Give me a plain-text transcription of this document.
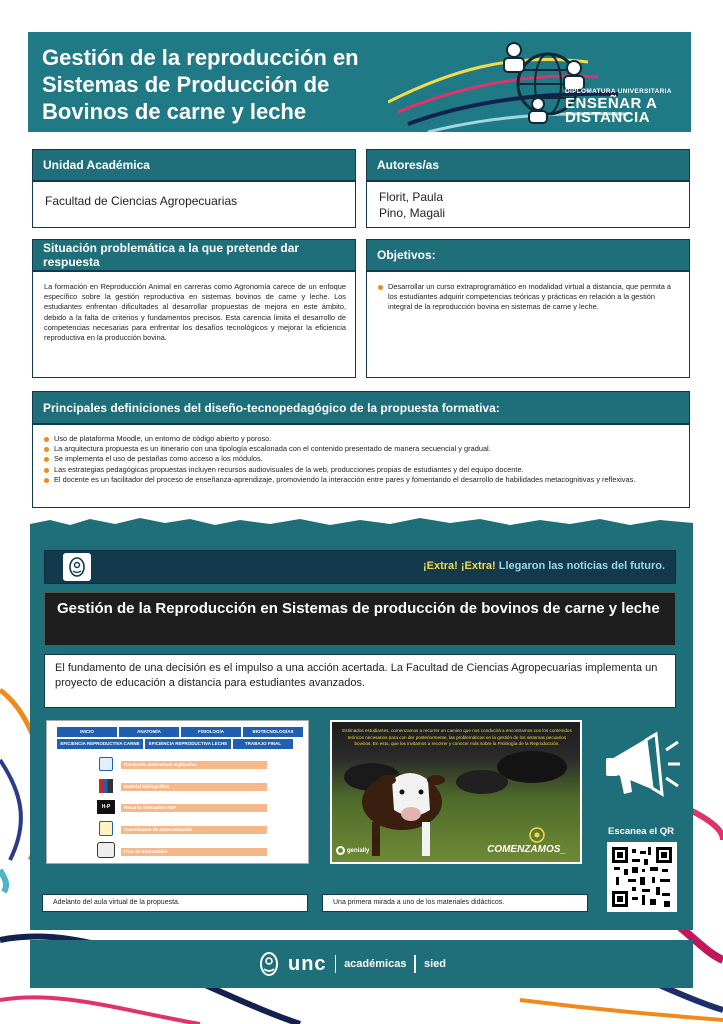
Gestión de la reproducción en Sistemas de Producción de Bovinos de carne y leche
DIPLOMATURA UNIVERSITARIA
ENSEÑAR A
DISTANCIA
Unidad Académica
Facultad de Ciencias Agropecuarias
Autores/as
Florit, Paula
Pino, Magali
Situación problemática a la que pretende dar respuesta
La formación en Reproducción Animal en carreras como Agronomía carece de un enfoque específico sobre la gestión reproductiva en sistemas bovinos de carne y leche. Los estudiantes enfrentan dificultades al desarrollar propuestas de mejora en este ámbito, debido a la falta de criterios y fundamentos precisos. Esta carencia limita el desarrollo de competencias necesarias para enfrentar los desafíos tecnológicos y mejorar la eficiencia reproductiva en la producción bovina.
Objetivos:
Desarrollar un curso extraprogramático en modalidad virtual a distancia, que permita a los estudiantes adquirir competencias teóricas y prácticas en relación a la gestión integral de la reproducción bovina en sistemas de carne y leche.
Principales definiciones del diseño-tecnopedagógico de la propuesta formativa:
Uso de plataforma Moodle, un entorno de código abierto y poroso.
La arquitectura propuesta es un itinerario con una tipología escalonada con el contenido presentado de manera secuencial y gradual.
Se implementa el uso de pestañas como acceso a los módulos.
Las estrategias pedagógicas propuestas incluyen recursos audiovisuales de la web, producciones propias de estudiantes y del equipo docente.
El docente es un facilitador del proceso de enseñanza-aprendizaje, promoviendo la interacción entre pares y fomentando el desarrollo de habilidades metacognitivas y reflexivas.
¡Extra! ¡Extra! Llegaron las noticias del futuro.
Gestión de la Reproducción en Sistemas de producción de bovinos de carne y leche
El fundamento de una decisión es el impulso a una acción acertada. La Facultad de Ciencias Agropecuarias implementa un proyecto de educación a distancia para estudiantes avanzados.
INICIO	ANATOMÍA	FISIOLOGÍA	BIOTECNOLOGÍAS
EFICIENCIA REPRODUCTIVA CARNE	EFICIENCIA REPRODUCTIVA LECHE	TRABAJO FINAL
Contenido audiovisual explicativo
Material bibliográfico
H-P	Recurso interactivo H5P
Cuestionario de autoevaluación
Foro de intercambio
Estimados estudiantes, comenzamos a recorrer un camino que nos conducirá a encontramos con los contenidos teóricos necesarios para con der posteriormente, las problemáticas en la gestión de los sistemas pecuarios bovinos. En esto, que los invitamos a recorrer y conocer más sobre la Fisiología de la Reproducción.
genially	COMENZAMOS_
Escanea el QR
Adelanto del aula virtual de la propuesta.	Una primera mirada a uno de los materiales didácticos.
unc académicas sied
